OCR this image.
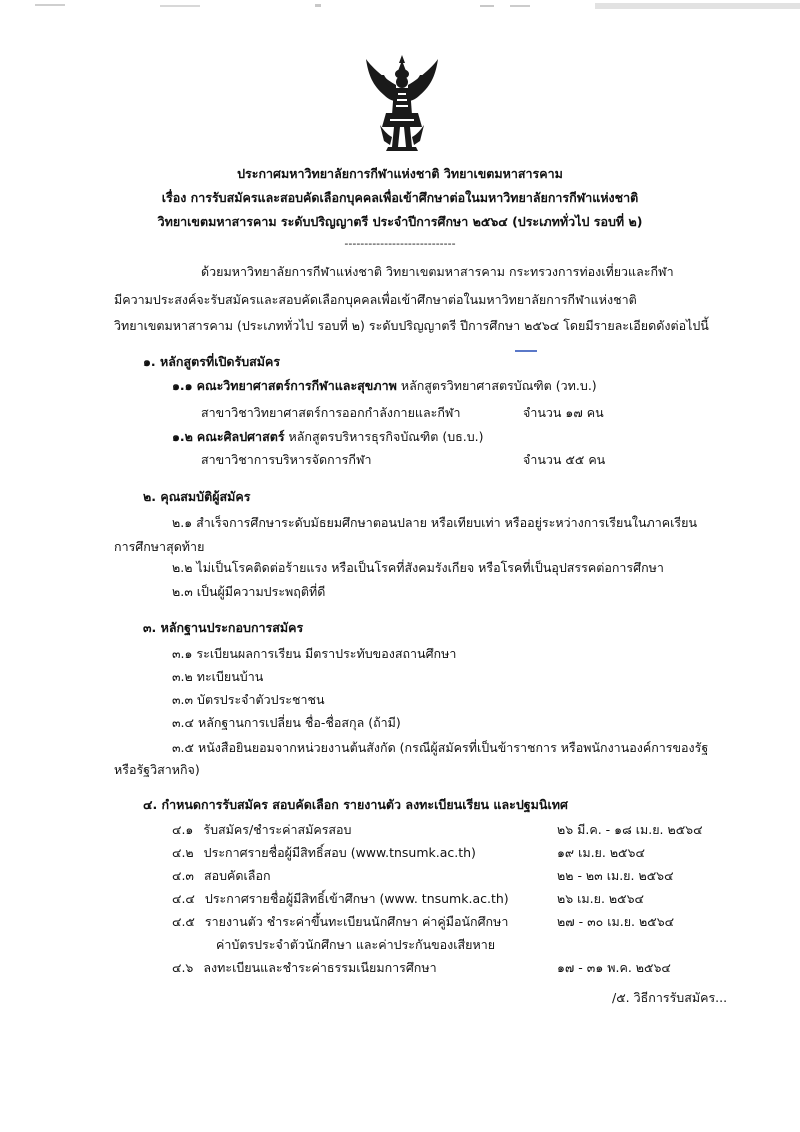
ประกาศมหาวิทยาลัยการกีฬาแห่งชาติ วิทยาเขตมหาสารคาม
เรื่อง การรับสมัครและสอบคัดเลือกบุคคลเพื่อเข้าศึกษาต่อในมหาวิทยาลัยการกีฬาแห่งชาติ
วิทยาเขตมหาสารคาม ระดับปริญญาตรี ประจำปีการศึกษา ๒๕๖๔ (ประเภททั่วไป รอบที่ ๒)
----------------------------
ด้วยมหาวิทยาลัยการกีฬาแห่งชาติ วิทยาเขตมหาสารคาม กระทรวงการท่องเที่ยวและกีฬา
มีความประสงค์จะรับสมัครและสอบคัดเลือกบุคคลเพื่อเข้าศึกษาต่อในมหาวิทยาลัยการกีฬาแห่งชาติ
วิทยาเขตมหาสารคาม (ประเภททั่วไป รอบที่ ๒) ระดับปริญญาตรี ปีการศึกษา ๒๕๖๔ โดยมีรายละเอียดดังต่อไปนี้
๑. หลักสูตรที่เปิดรับสมัคร
๑.๑ คณะวิทยาศาสตร์การกีฬาและสุขภาพ หลักสูตรวิทยาศาสตรบัณฑิต (วท.บ.)
สาขาวิชาวิทยาศาสตร์การออกกำลังกายและกีฬา	จำนวน ๑๗ คน
๑.๒ คณะศิลปศาสตร์ หลักสูตรบริหารธุรกิจบัณฑิต (บธ.บ.)
สาขาวิชาการบริหารจัดการกีฬา	จำนวน ๕๕ คน
๒. คุณสมบัติผู้สมัคร
๒.๑ สำเร็จการศึกษาระดับมัธยมศึกษาตอนปลาย หรือเทียบเท่า หรืออยู่ระหว่างการเรียนในภาคเรียน
การศึกษาสุดท้าย
๒.๒ ไม่เป็นโรคติดต่อร้ายแรง หรือเป็นโรคที่สังคมรังเกียจ หรือโรคที่เป็นอุปสรรคต่อการศึกษา
๒.๓ เป็นผู้มีความประพฤติที่ดี
๓. หลักฐานประกอบการสมัคร
๓.๑ ระเบียนผลการเรียน มีตราประทับของสถานศึกษา
๓.๒ ทะเบียนบ้าน
๓.๓ บัตรประจำตัวประชาชน
๓.๔ หลักฐานการเปลี่ยน ชื่อ-ชื่อสกุล (ถ้ามี)
๓.๕ หนังสือยินยอมจากหน่วยงานต้นสังกัด (กรณีผู้สมัครที่เป็นข้าราชการ หรือพนักงานองค์การของรัฐ
หรือรัฐวิสาหกิจ)
๔. กำหนดการรับสมัคร สอบคัดเลือก รายงานตัว ลงทะเบียนเรียน และปฐมนิเทศ
๔.๑ รับสมัคร/ชำระค่าสมัครสอบ	๒๖ มี.ค. - ๑๘ เม.ย. ๒๕๖๔
๔.๒ ประกาศรายชื่อผู้มีสิทธิ์สอบ (www.tnsumk.ac.th)	๑๙ เม.ย. ๒๕๖๔
๔.๓ สอบคัดเลือก	๒๒ - ๒๓ เม.ย. ๒๕๖๔
๔.๔ ประกาศรายชื่อผู้มีสิทธิ์เข้าศึกษา (www. tnsumk.ac.th)	๒๖ เม.ย. ๒๕๖๔
๔.๕ รายงานตัว ชำระค่าขึ้นทะเบียนนักศึกษา ค่าคู่มือนักศึกษา	๒๗ - ๓๐ เม.ย. ๒๕๖๔
ค่าบัตรประจำตัวนักศึกษา และค่าประกันของเสียหาย
๔.๖ ลงทะเบียนและชำระค่าธรรมเนียมการศึกษา	๑๗ - ๓๑ พ.ค. ๒๕๖๔
/๕. วิธีการรับสมัคร...
